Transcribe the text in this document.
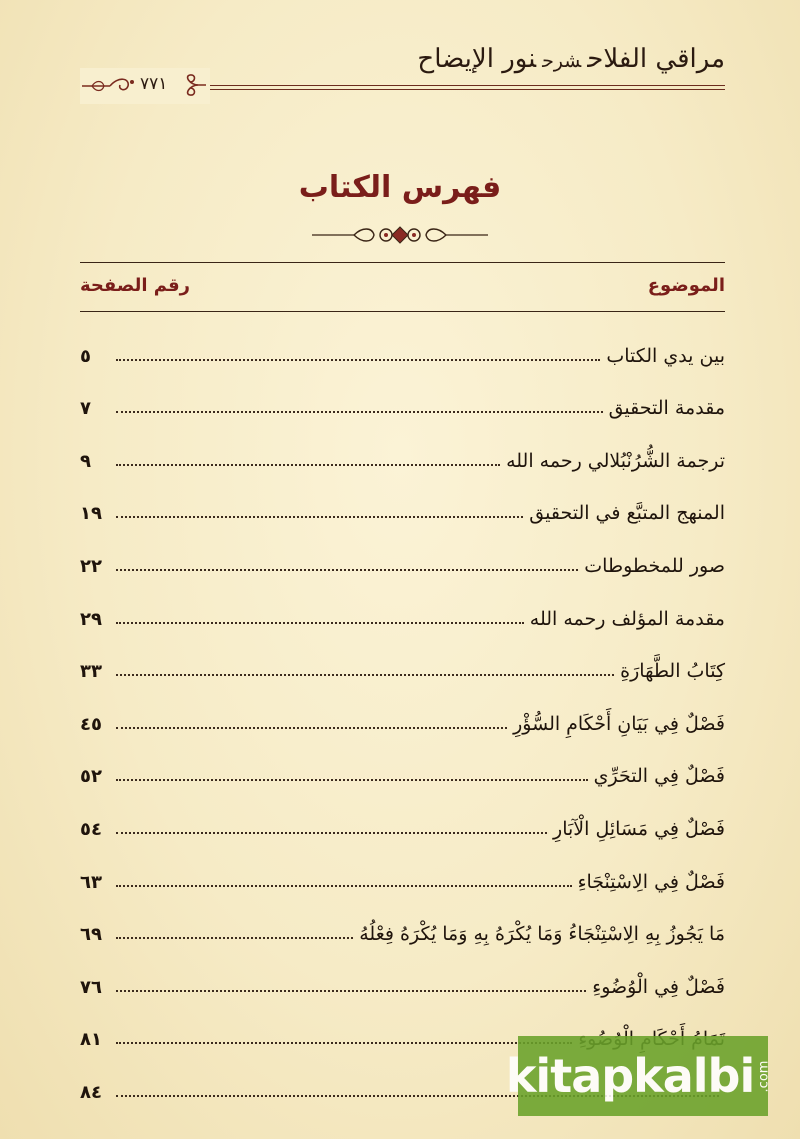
مراقي الفلاحشرحنور الإيضاح
٧٧١
فهرس الكتاب
الموضوع
رقم الصفحة
بين يدي الكتاب
٥
مقدمة التحقيق
٧
ترجمة الشُّرُنْبُلالي رحمه الله
٩
المنهج المتبَّع في التحقيق
١٩
صور للمخطوطات
٢٢
مقدمة المؤلف رحمه الله
٢٩
كِتَابُ الطَّهَارَةِ
٣٣
فَصْلٌ فِي بَيَانِ أَحْكَامِ السُّؤْرِ
٤٥
فَصْلٌ فِي التحَرِّي
٥٢
فَصْلٌ فِي مَسَائِلِ الْآبَارِ
٥٤
فَصْلٌ فِي الِاسْتِنْجَاءِ
٦٣
مَا يَجُوزُ بِهِ الِاسْتِنْجَاءُ وَمَا يُكْرَهُ بِهِ وَمَا يُكْرَهُ فِعْلُهُ
٦٩
فَصْلٌ فِي الْوُضُوءِ
٧٦
٨١
٨٤	kitapkalbi .com
